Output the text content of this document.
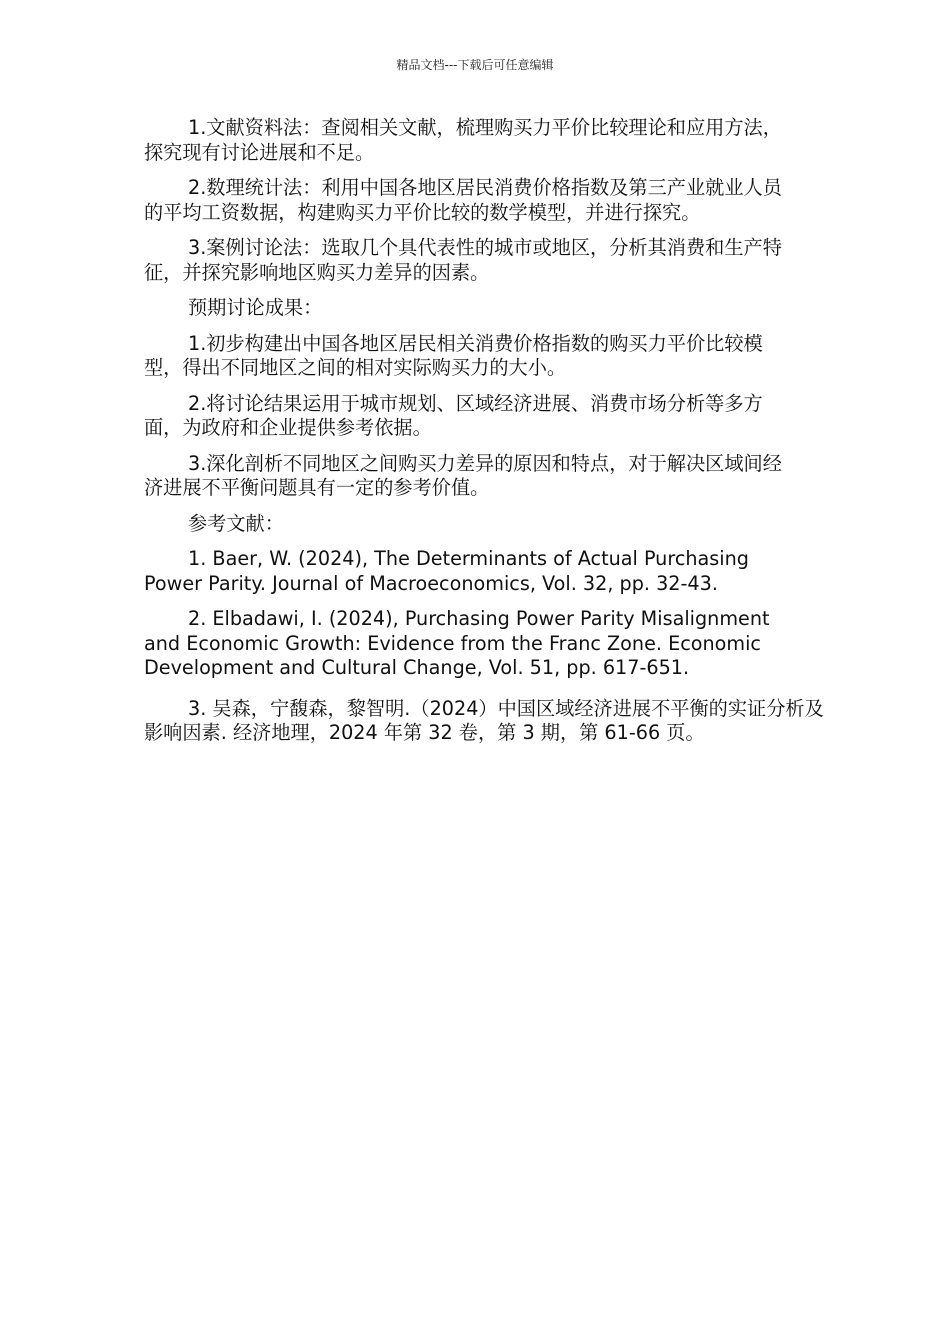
精品文档---下载后可任意编辑

1.文献资料法：查阅相关文献，梳理购买力平价比较理论和应用方法，探究现有讨论进展和不足。

2.数理统计法：利用中国各地区居民消费价格指数及第三产业就业人员的平均工资数据，构建购买力平价比较的数学模型，并进行探究。

3.案例讨论法：选取几个具代表性的城市或地区，分析其消费和生产特征，并探究影响地区购买力差异的因素。

预期讨论成果：

1.初步构建出中国各地区居民相关消费价格指数的购买力平价比较模型，得出不同地区之间的相对实际购买力的大小。

2.将讨论结果运用于城市规划、区域经济进展、消费市场分析等多方面，为政府和企业提供参考依据。

3.深化剖析不同地区之间购买力差异的原因和特点，对于解决区域间经济进展不平衡问题具有一定的参考价值。

参考文献：

1. Baer, W. (2024), The Determinants of Actual Purchasing Power Parity. Journal of Macroeconomics, Vol. 32, pp. 32-43.

2. Elbadawi, I. (2024), Purchasing Power Parity Misalignment and Economic Growth: Evidence from the Franc Zone. Economic Development and Cultural Change, Vol. 51, pp. 617-651.

3. 吴森，宁馥森，黎智明.（2024）中国区域经济进展不平衡的实证分析及影响因素. 经济地理，2024 年第 32 卷，第 3 期，第 61-66 页。
